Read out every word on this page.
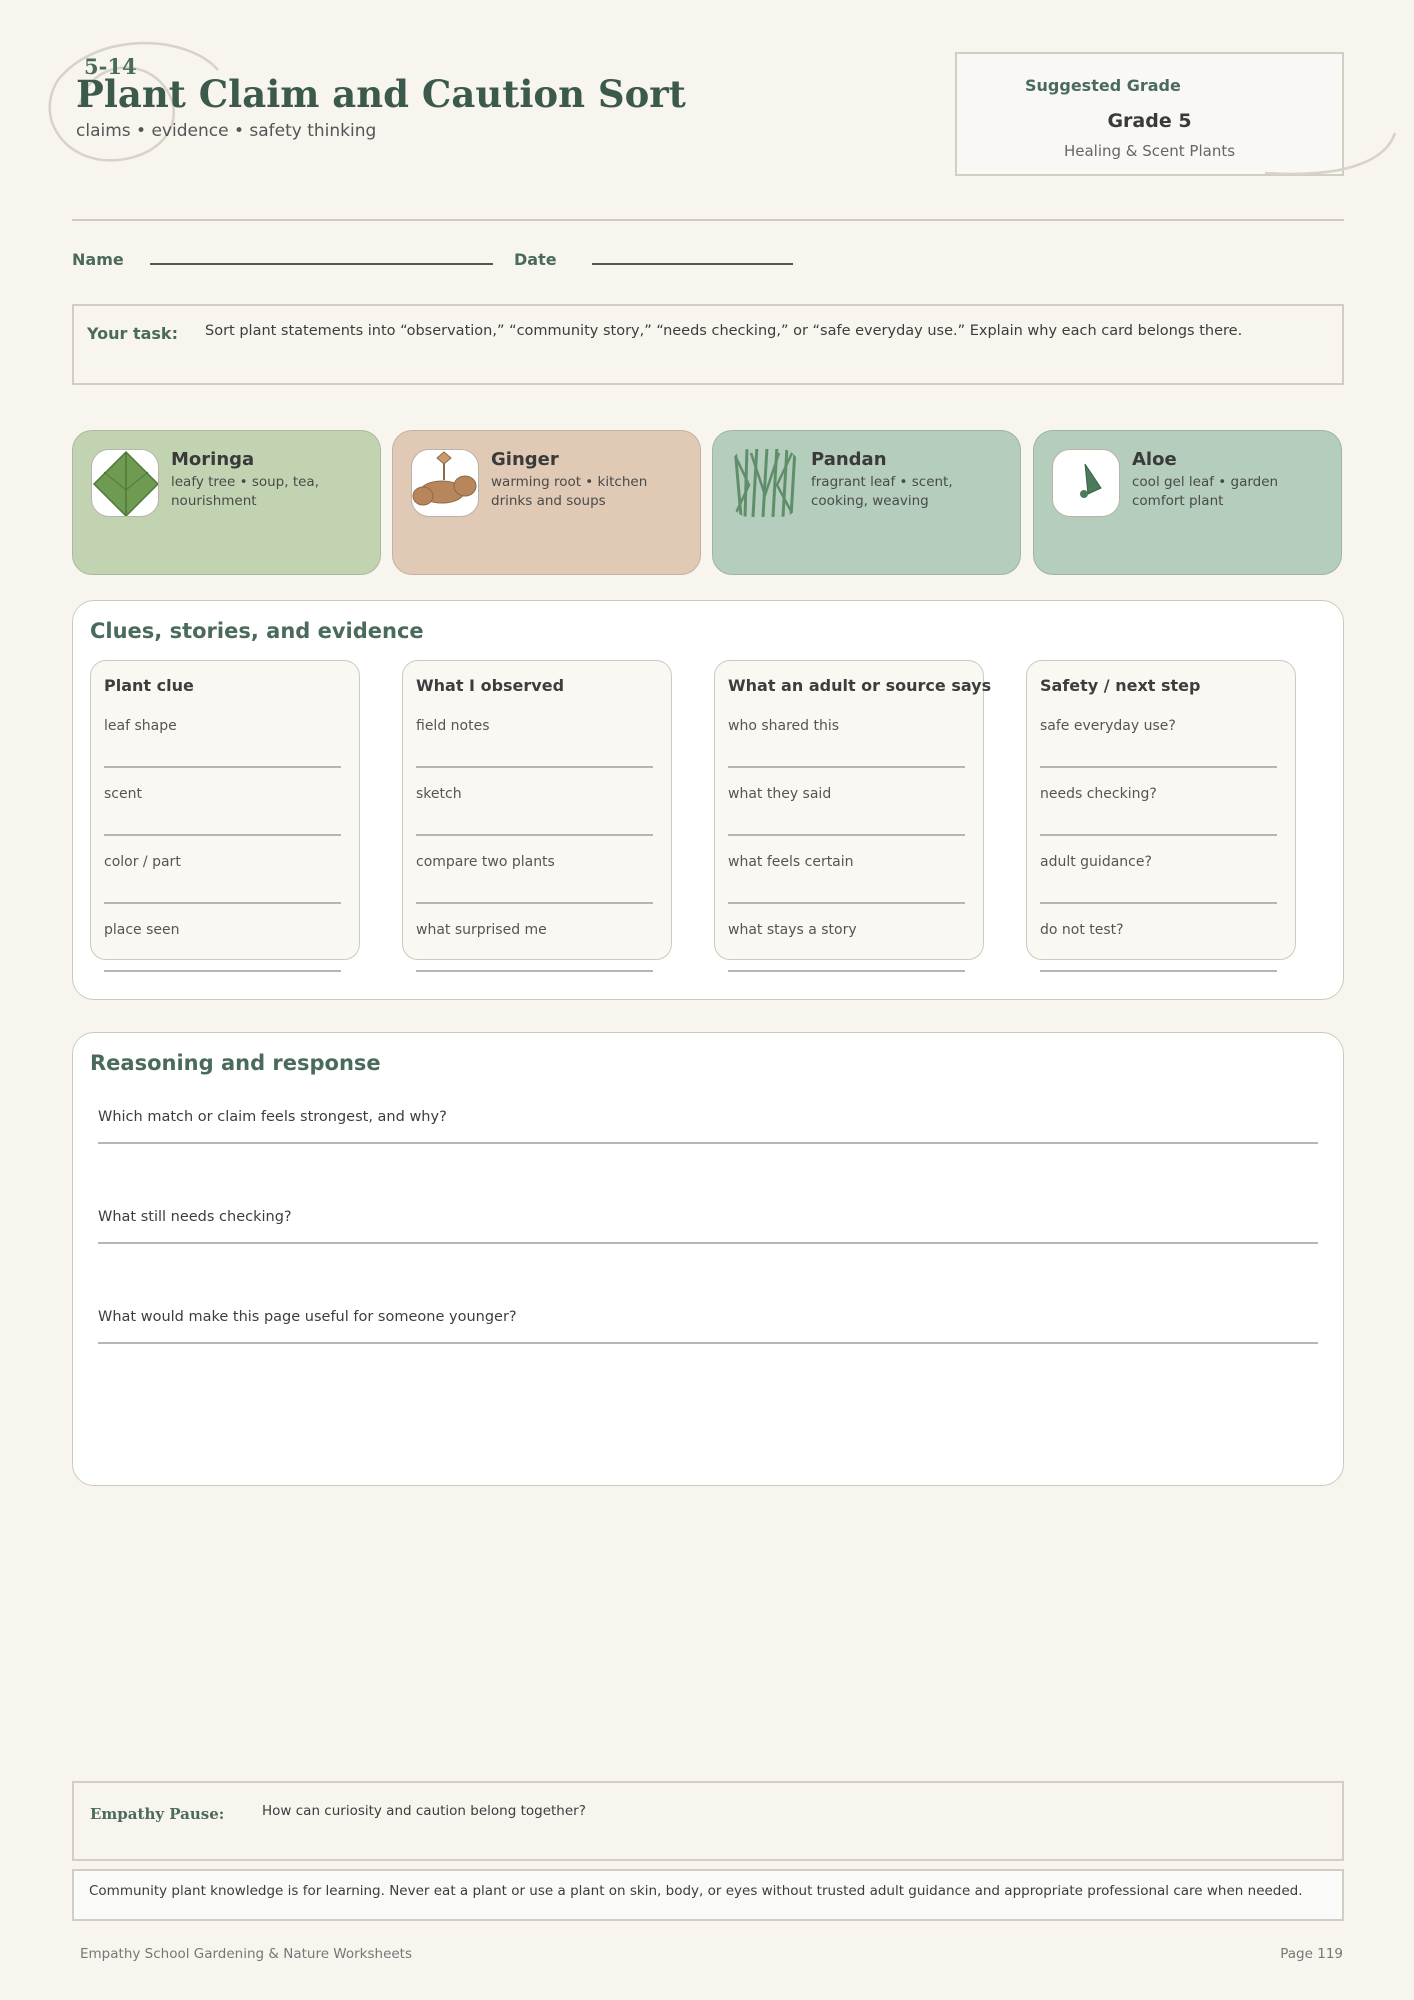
5-14
Plant Claim and Caution Sort
claims • evidence • safety thinking
Suggested Grade
Grade 5
Healing & Scent Plants
Name	Date
Your task: Sort plant statements into “observation,” “community story,” “needs checking,” or “safe everyday use.” Explain why each card belongs there.
Moringa
leafy tree • soup, tea, nourishment
Ginger
warming root • kitchen drinks and soups
Pandan
fragrant leaf • scent, cooking, weaving
Aloe
cool gel leaf • garden comfort plant
Clues, stories, and evidence
Plant clue
leaf shape
scent
color / part
place seen
What I observed
field notes
sketch
compare two plants
what surprised me
What an adult or source says
who shared this
what they said
what feels certain
what stays a story
Safety / next step
safe everyday use?
needs checking?
adult guidance?
do not test?
Reasoning and response
Which match or claim feels strongest, and why?
What still needs checking?
What would make this page useful for someone younger?
Empathy Pause:	How can curiosity and caution belong together?
Community plant knowledge is for learning. Never eat a plant or use a plant on skin, body, or eyes without trusted adult guidance and appropriate professional care when needed.
Empathy School Gardening & Nature Worksheets	Page 119
